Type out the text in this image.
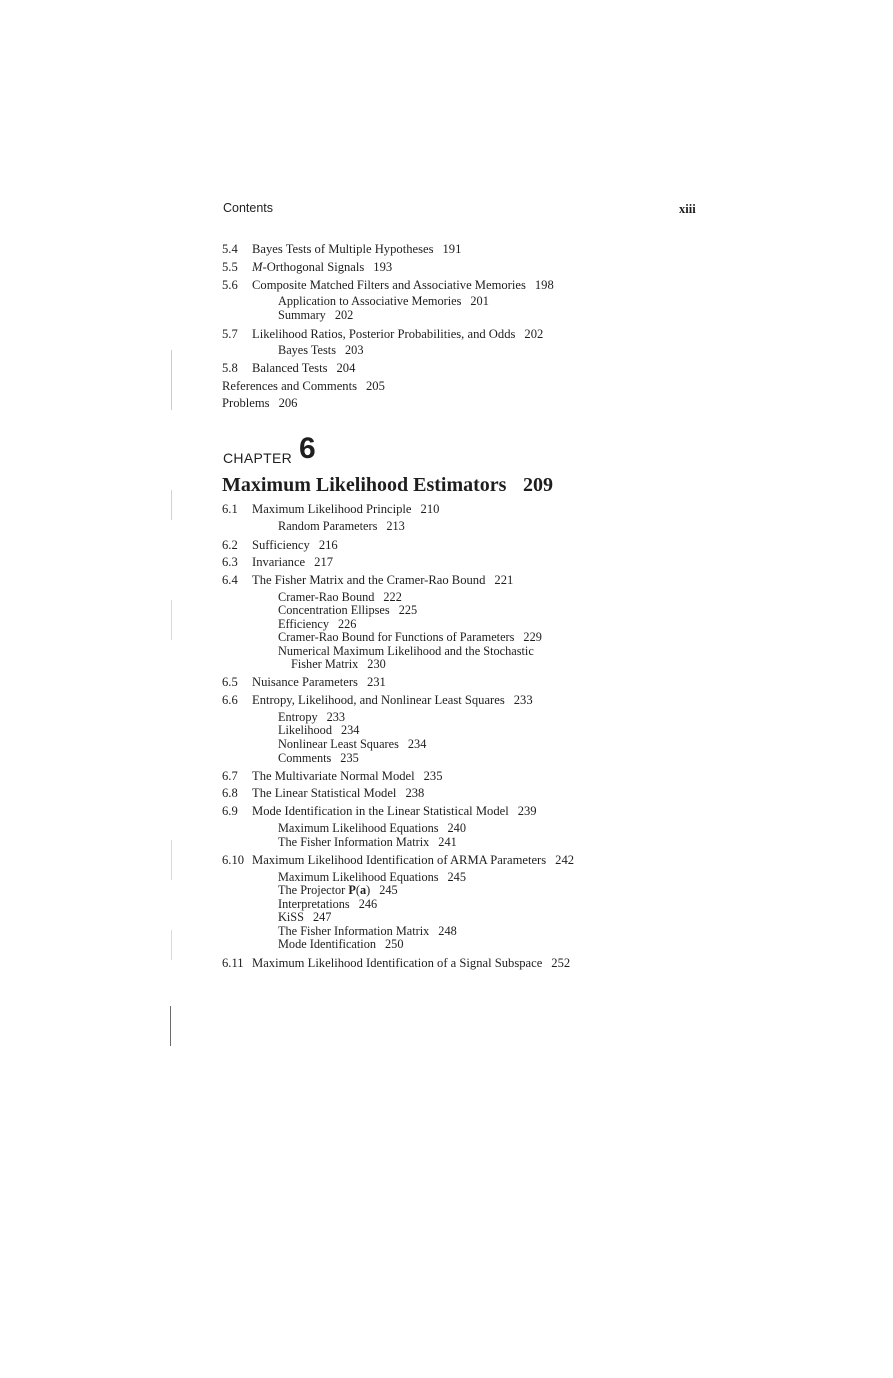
Contents	xiii
5.4	Bayes Tests of Multiple Hypotheses 191
5.5	M-Orthogonal Signals 193
5.6	Composite Matched Filters and Associative Memories 198
Application to Associative Memories 201
Summary 202
5.7	Likelihood Ratios, Posterior Probabilities, and Odds 202
Bayes Tests 203
5.8	Balanced Tests 204
References and Comments 205
Problems 206
CHAPTER 6
Maximum Likelihood Estimators 209
6.1	Maximum Likelihood Principle 210
Random Parameters 213
6.2	Sufficiency 216
6.3	Invariance 217
6.4	The Fisher Matrix and the Cramer-Rao Bound 221
Cramer-Rao Bound 222
Concentration Ellipses 225
Efficiency 226
Cramer-Rao Bound for Functions of Parameters 229
Numerical Maximum Likelihood and the Stochastic
Fisher Matrix 230
6.5	Nuisance Parameters 231
6.6	Entropy, Likelihood, and Nonlinear Least Squares 233
Entropy 233
Likelihood 234
Nonlinear Least Squares 234
Comments 235
6.7	The Multivariate Normal Model 235
6.8	The Linear Statistical Model 238
6.9	Mode Identification in the Linear Statistical Model 239
Maximum Likelihood Equations 240
The Fisher Information Matrix 241
6.10 Maximum Likelihood Identification of ARMA Parameters 242
Maximum Likelihood Equations 245
The Projector P(a) 245
Interpretations 246
KiSS 247
The Fisher Information Matrix 248
Mode Identification 250
6.11 Maximum Likelihood Identification of a Signal Subspace 252
